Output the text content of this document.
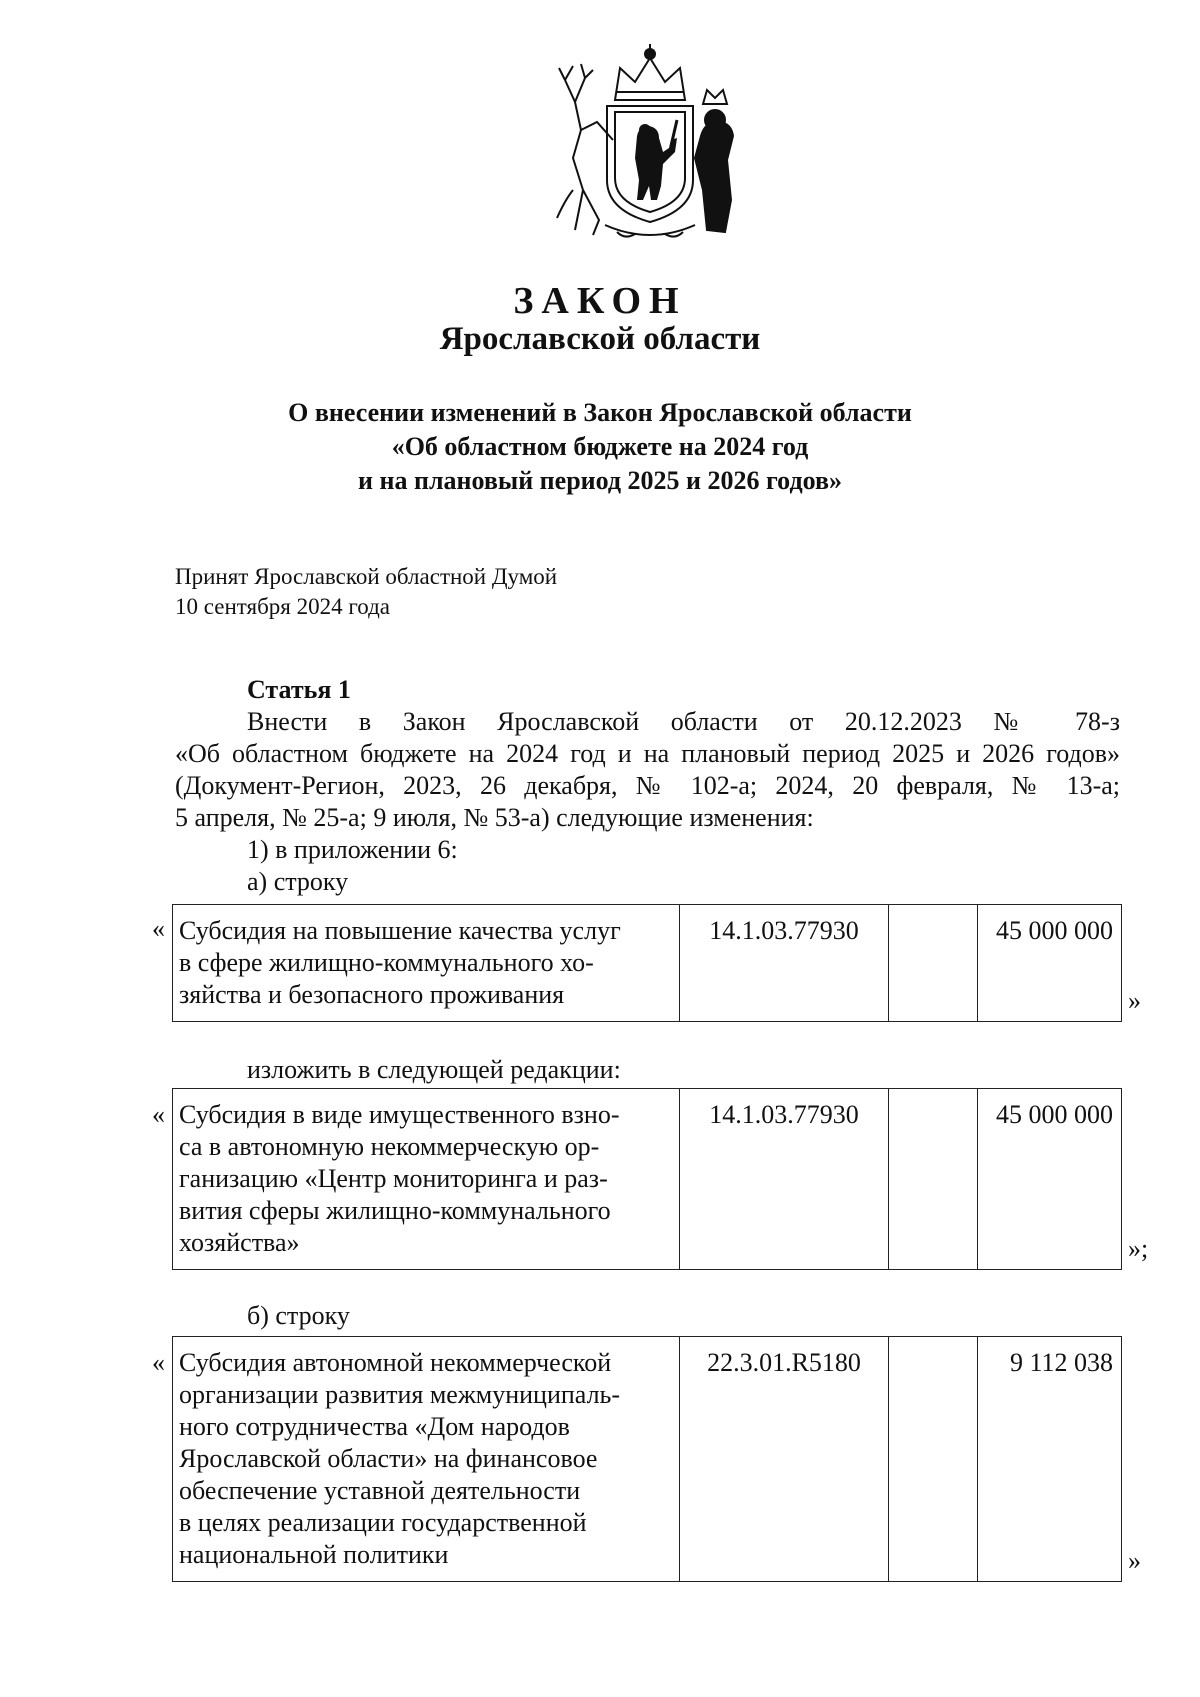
ЗАКОН
Ярославской области
О внесении изменений в Закон Ярославской области
«Об областном бюджете на 2024 год
и на плановый период 2025 и 2026 годов»
Принят Ярославской областной Думой
10 сентября 2024 года
Статья 1
Внести в Закон Ярославской области от 20.12.2023 № 78-з
«Об областном бюджете на 2024 год и на плановый период 2025 и 2026 годов»
(Документ-Регион, 2023, 26 декабря, № 102-а; 2024, 20 февраля, № 13-а;
5 апреля, № 25-а; 9 июля, № 53-а) следующие изменения:
1) в приложении 6:
а) строку
« Субсидия на повышение качества услуг
в сфере жилищно-коммунального хо-
зяйства и безопасного проживания
	14.1.03.77930		45 000 000
»
изложить в следующей редакции:
« Субсидия в виде имущественного взно-
са в автономную некоммерческую ор-
ганизацию «Центр мониторинга и раз-
вития сферы жилищно-коммунального
хозяйства»
	14.1.03.77930		45 000 000
»;
б) строку
« Субсидия автономной некоммерческой
организации развития межмуниципаль-
ного сотрудничества «Дом народов
Ярославской области» на финансовое
обеспечение уставной деятельности
в целях реализации государственной
национальной политики
	22.3.01.R5180		9 112 038
»
